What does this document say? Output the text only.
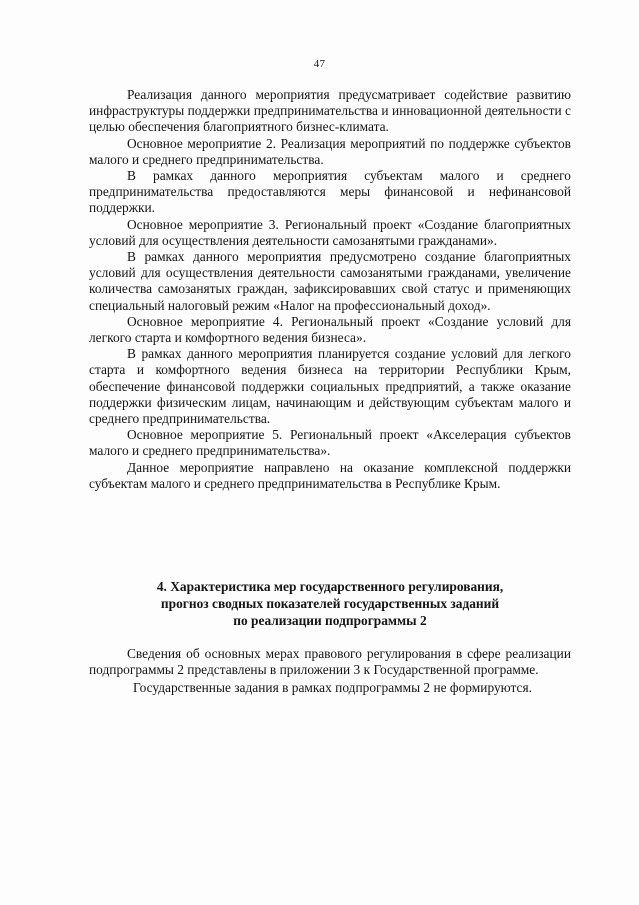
47

Реализация данного мероприятия предусматривает содействие развитию инфраструктуры поддержки предпринимательства и инновационной деятельности с целью обеспечения благоприятного бизнес-климата.

Основное мероприятие 2. Реализация мероприятий по поддержке субъектов малого и среднего предпринимательства.

В рамках данного мероприятия субъектам малого и среднего предпринимательства предоставляются меры финансовой и нефинансовой поддержки.

Основное мероприятие 3. Региональный проект «Создание благоприятных условий для осуществления деятельности самозанятыми гражданами».

В рамках данного мероприятия предусмотрено создание благоприятных условий для осуществления деятельности самозанятыми гражданами, увеличение количества самозанятых граждан, зафиксировавших свой статус и применяющих специальный налоговый режим «Налог на профессиональный доход».

Основное мероприятие 4. Региональный проект «Создание условий для легкого старта и комфортного ведения бизнеса».

В рамках данного мероприятия планируется создание условий для легкого старта и комфортного ведения бизнеса на территории Республики Крым, обеспечение финансовой поддержки социальных предприятий, а также оказание поддержки физическим лицам, начинающим и действующим субъектам малого и среднего предпринимательства.

Основное мероприятие 5. Региональный проект «Акселерация субъектов малого и среднего предпринимательства».

Данное мероприятие направлено на оказание комплексной поддержки субъектам малого и среднего предпринимательства в Республике Крым.

4. Характеристика мер государственного регулирования,
прогноз сводных показателей государственных заданий
по реализации подпрограммы 2

Сведения об основных мерах правового регулирования в сфере реализации подпрограммы 2 представлены в приложении 3 к Государственной программе.

Государственные задания в рамках подпрограммы 2 не формируются.
